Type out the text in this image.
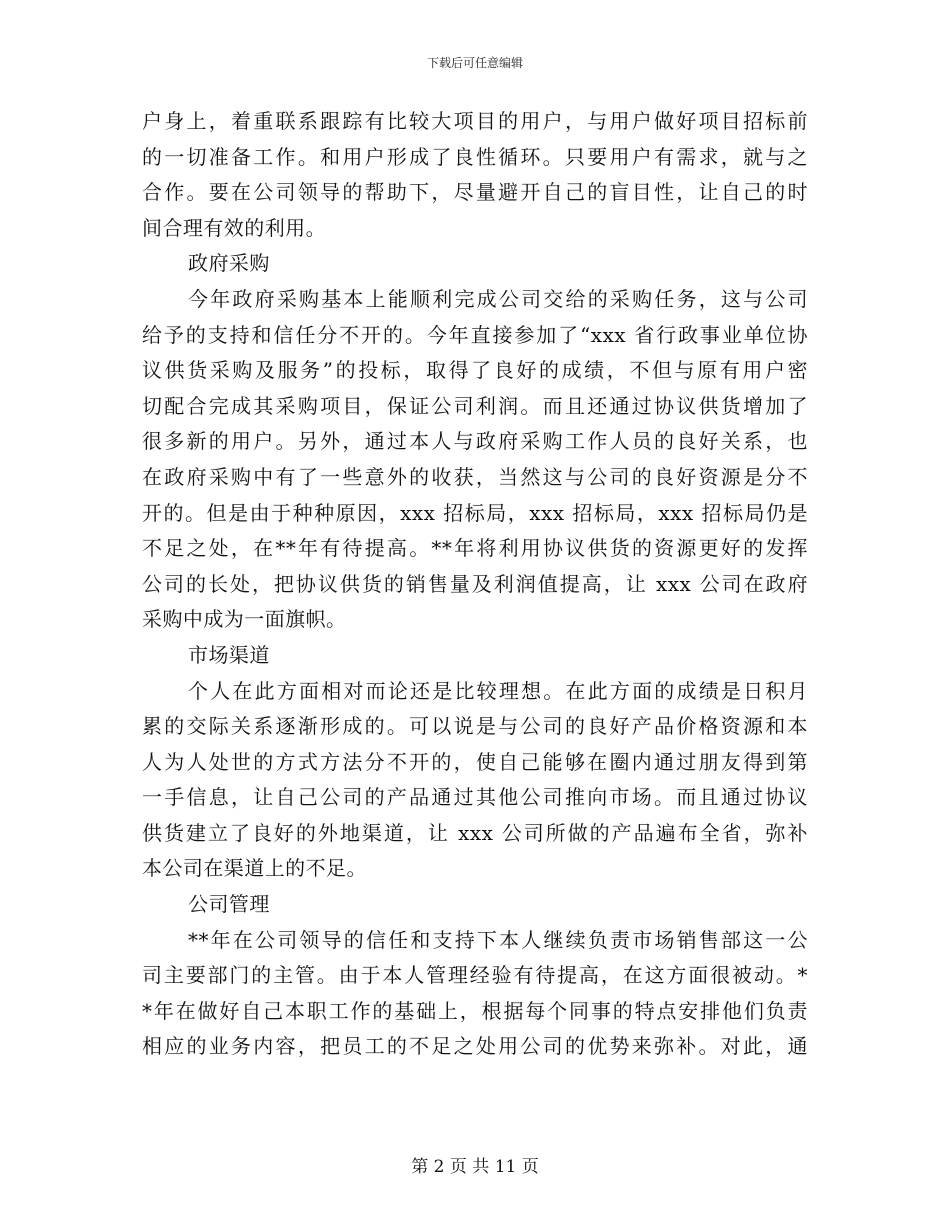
下载后可任意编辑
户身上，着重联系跟踪有比较大项目的用户，与用户做好项目招标前
的一切准备工作。和用户形成了良性循环。只要用户有需求，就与之
合作。要在公司领导的帮助下，尽量避开自己的盲目性，让自己的时
间合理有效的利用。
政府采购
今年政府采购基本上能顺利完成公司交给的采购任务，这与公司
给予的支持和信任分不开的。今年直接参加了“xxx 省行政事业单位协
议供货采购及服务”的投标，取得了良好的成绩，不但与原有用户密
切配合完成其采购项目，保证公司利润。而且还通过协议供货增加了
很多新的用户。另外，通过本人与政府采购工作人员的良好关系，也
在政府采购中有了一些意外的收获，当然这与公司的良好资源是分不
开的。但是由于种种原因，xxx 招标局，xxx 招标局，xxx 招标局仍是
不足之处，在**年有待提高。**年将利用协议供货的资源更好的发挥
公司的长处，把协议供货的销售量及利润值提高，让 xxx 公司在政府
采购中成为一面旗帜。
市场渠道
个人在此方面相对而论还是比较理想。在此方面的成绩是日积月
累的交际关系逐渐形成的。可以说是与公司的良好产品价格资源和本
人为人处世的方式方法分不开的，使自己能够在圈内通过朋友得到第
一手信息，让自己公司的产品通过其他公司推向市场。而且通过协议
供货建立了良好的外地渠道，让 xxx 公司所做的产品遍布全省，弥补
本公司在渠道上的不足。
公司管理
**年在公司领导的信任和支持下本人继续负责市场销售部这一公
司主要部门的主管。由于本人管理经验有待提高，在这方面很被动。*
*年在做好自己本职工作的基础上，根据每个同事的特点安排他们负责
相应的业务内容，把员工的不足之处用公司的优势来弥补。对此，通
第 2 页 共 11 页
